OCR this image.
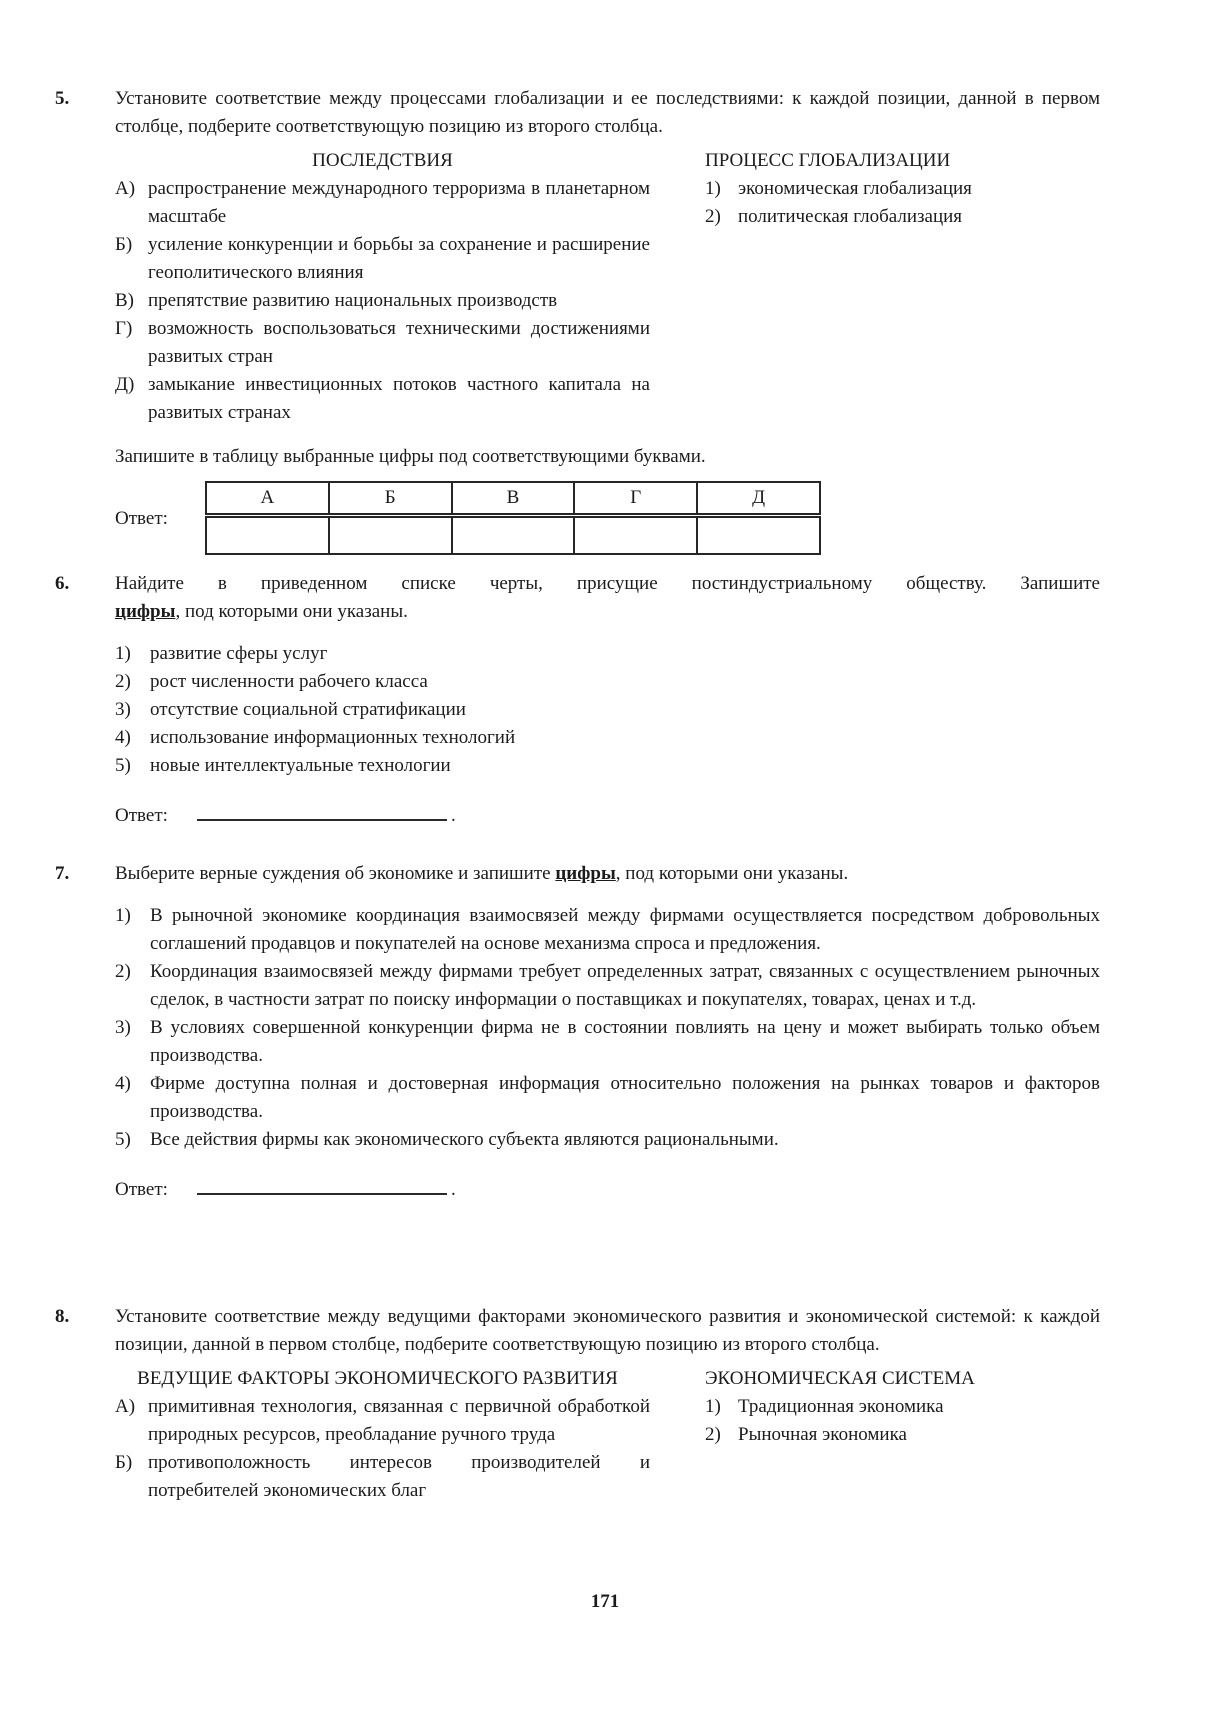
5.	Установите соответствие между процессами глобализации и ее последствиями: к каждой позиции, данной в первом столбце, подберите соответствующую позицию из второго столбца.

ПОСЛЕДСТВИЯ
А) распространение международного терроризма в планетарном масштабе
Б) усиление конкуренции и борьбы за сохранение и расширение геополитического влияния
В) препятствие развитию национальных производств
Г) возможность воспользоваться техническими достижениями развитых стран
Д) замыкание инвестиционных потоков частного капитала на развитых странах
ПРОЦЕСС ГЛОБАЛИЗАЦИИ
1) экономическая глобализация
2) политическая глобализация

Запишите в таблицу выбранные цифры под соответствующими буквами.

Ответ:
А	Б	В	Г	Д

6.	Найдите в приведенном списке черты, присущие постиндустриальному обществу. Запишитецифры, под которыми они указаны.

1)	развитие сферы услуг
2)	рост численности рабочего класса
3)	отсутствие социальной стратификации
4)	использование информационных технологий
5)	новые интеллектуальные технологии
Ответ:	.
7.	Выберите верные суждения об экономике и запишите цифры, под которыми они указаны.

1)	В рыночной экономике координация взаимосвязей между фирмами осуществляется посредством добровольных соглашений продавцов и покупателей на основе механизма спроса и предложения.
2)	Координация взаимосвязей между фирмами требует определенных затрат, связанных с осуществлением рыночных сделок, в частности затрат по поиску информации о поставщиках и покупателях, товарах, ценах и т.д.
3)	В условиях совершенной конкуренции фирма не в состоянии повлиять на цену и может выбирать только объем производства.
4)	Фирме доступна полная и достоверная информация относительно положения на рынках товаров и факторов производства.
5)	Все действия фирмы как экономического субъекта являются рациональными.
Ответ:	.
8.	Установите соответствие между ведущими факторами экономического развития и экономической системой: к каждой позиции, данной в первом столбце, подберите соответствующую позицию из второго столбца.

ВЕДУЩИЕ ФАКТОРЫ ЭКОНОМИЧЕСКОГО РАЗВИТИЯ
А) примитивная технология, связанная с первичной обработкой природных ресурсов, преобладание ручного труда
Б) противоположность интересов производителей и потребителей экономических благ
ЭКОНОМИЧЕСКАЯ СИСТЕМА
1) Традиционная экономика
2) Рыночная экономика
171
